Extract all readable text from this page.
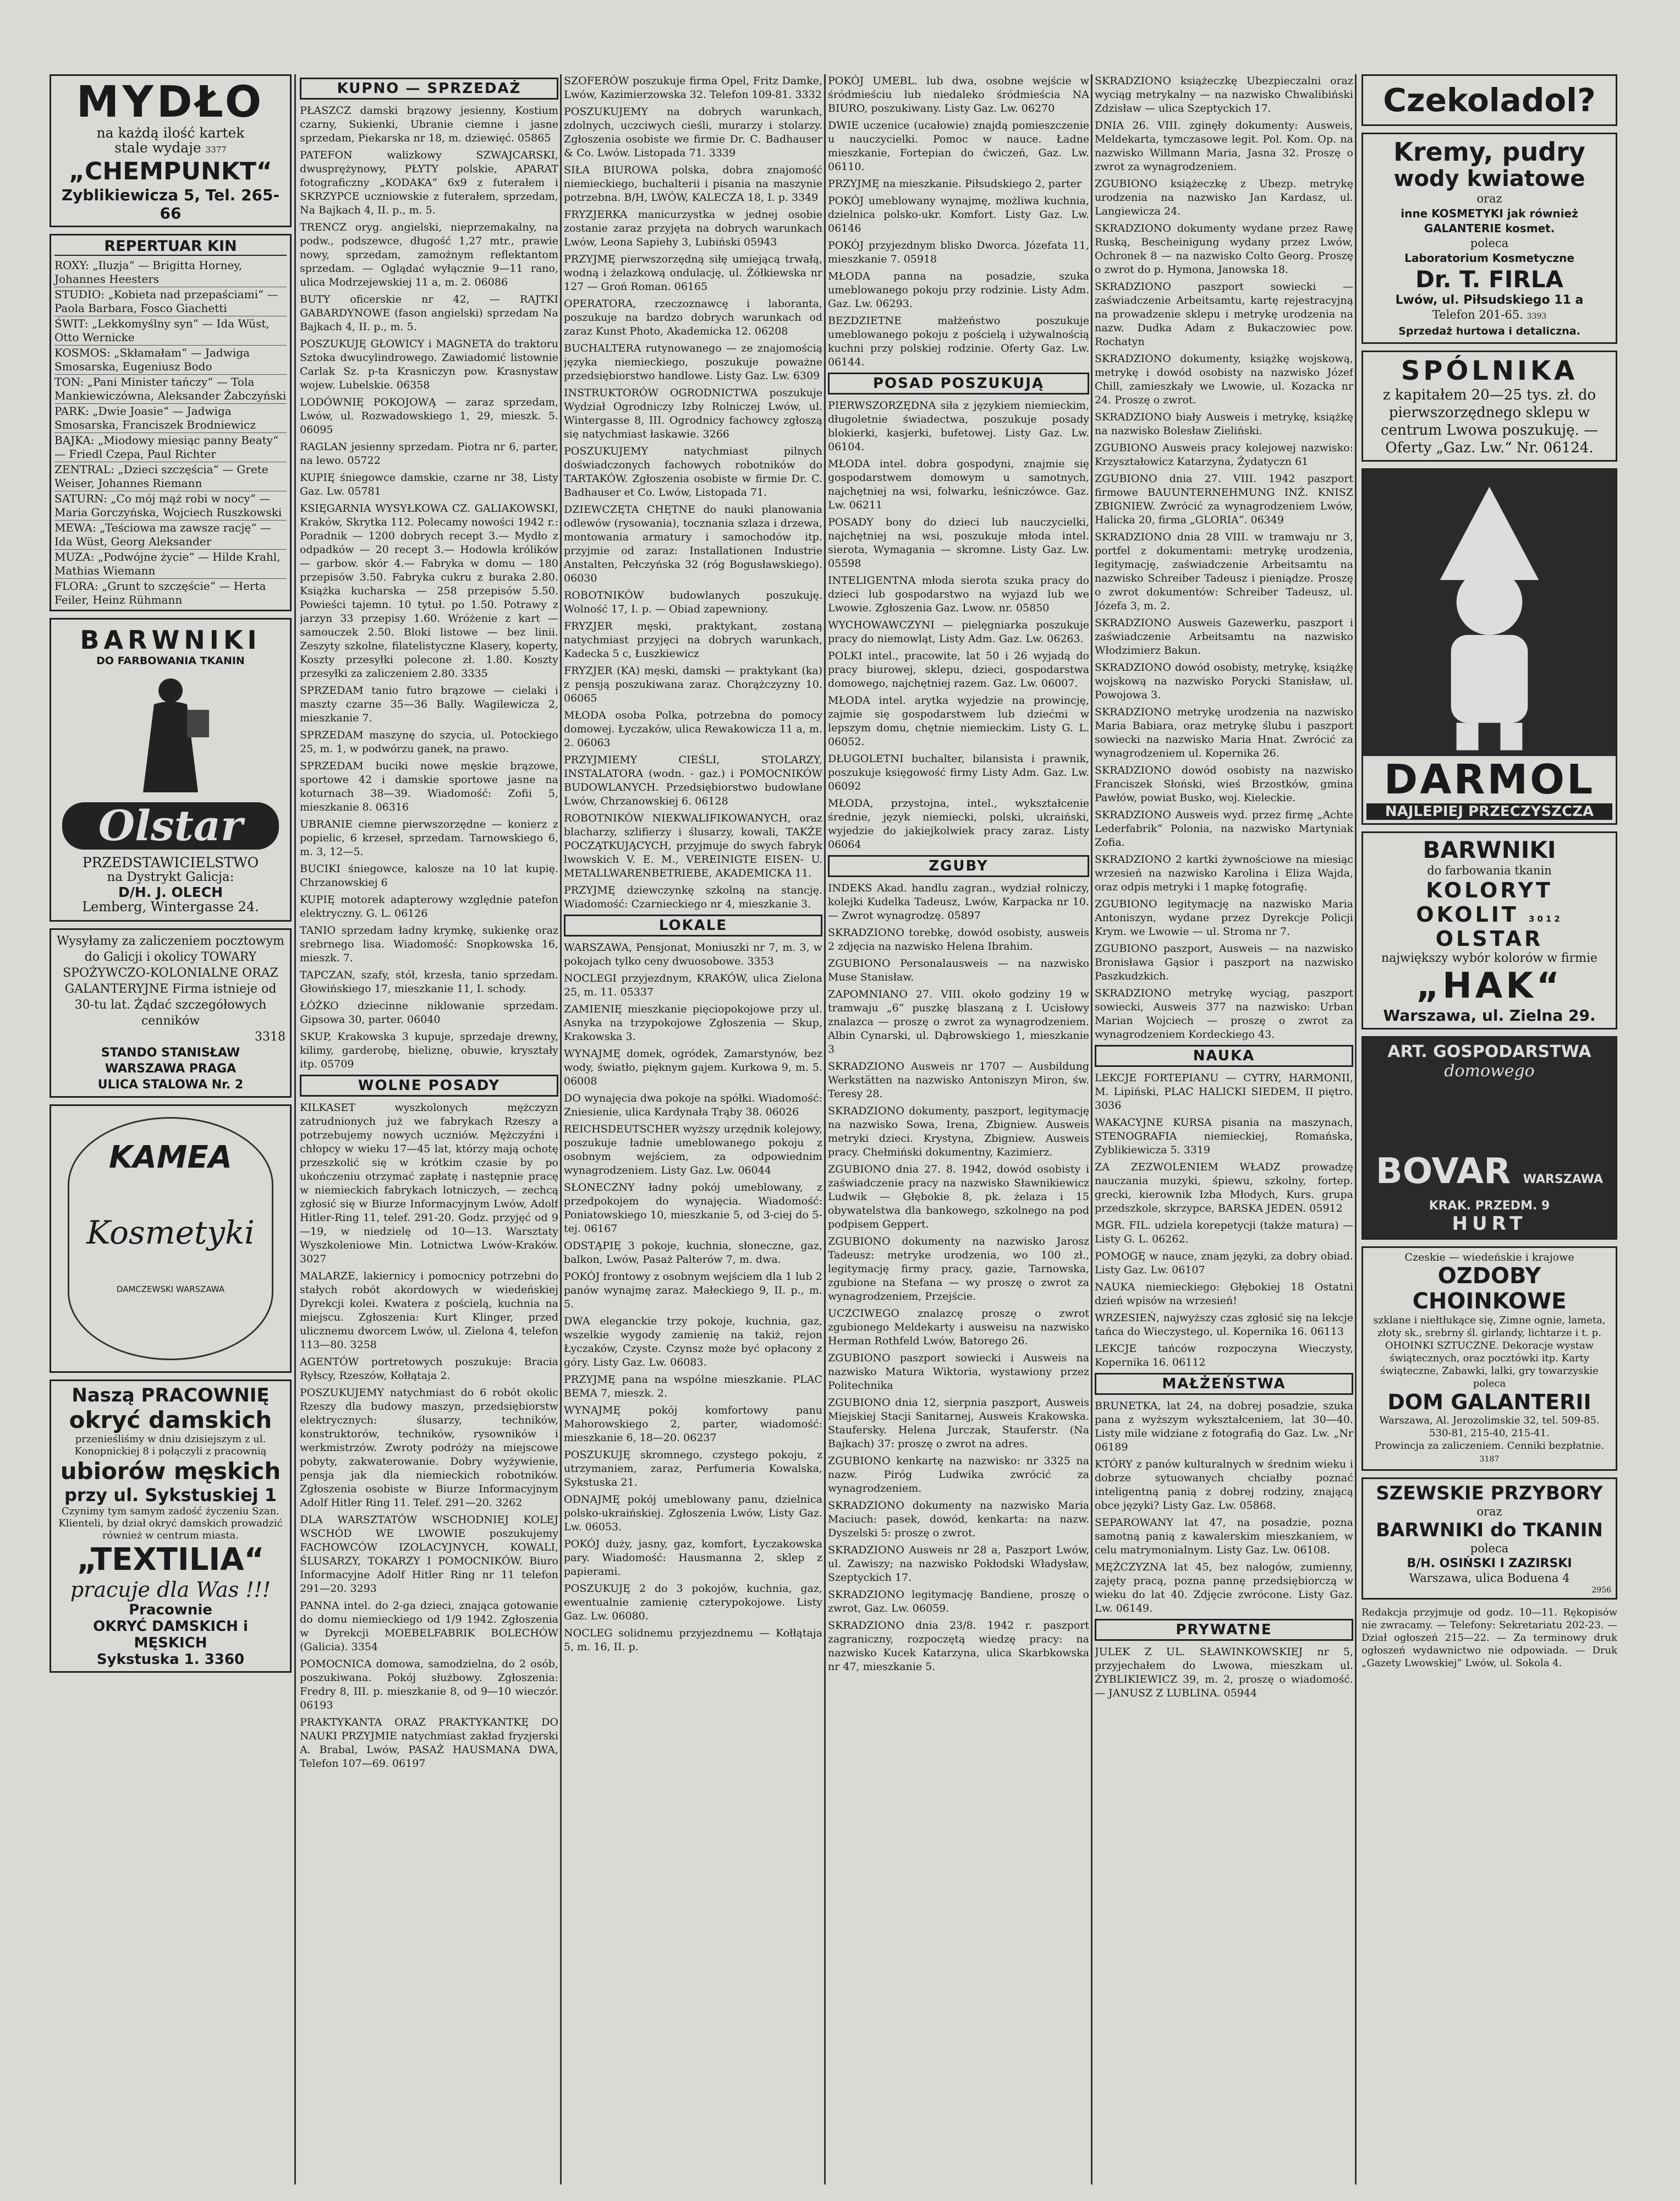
MYDŁO
na każdą ilość kartek
stale wydaje 3377
„CHEMPUNKT“
Zyblikiewicza 5, Tel. 265-66
REPERTUAR KIN
ROXY: „Iluzja“ — Brigitta Horney, Johannes Heesters
STUDIO: „Kobieta nad przepaściami“ — Paola Barbara, Fosco Giachetti
ŚWIT: „Lekkomyślny syn“ — Ida Wüst, Otto Wernicke
KOSMOS: „Skłamałam“ — Jadwiga Smosarska, Eugeniusz Bodo
TON: „Pani Minister tańczy“ — Tola Mankiewiczówna, Aleksander Żabczyński
PARK: „Dwie Joasie“ — Jadwiga Smosarska, Franciszek Brodniewicz
BAJKA: „Miodowy miesiąc panny Beaty“ — Friedl Czepa, Paul Richter
ZENTRAL: „Dzieci szczęścia“ — Grete Weiser, Johannes Riemann
SATURN: „Co mój mąż robi w nocy“ — Maria Gorczyńska, Wojciech Ruszkowski
MEWA: „Teściowa ma zawsze rację“ — Ida Wüst, Georg Aleksander
MUZA: „Podwójne życie“ — Hilde Krahl, Mathias Wiemann
FLORA: „Grunt to szczęście“ — Herta Feiler, Heinz Rühmann
BARWNIKI
DO FARBOWANIA TKANIN
Olstar
PRZEDSTAWICIELSTWO
na Dystrykt Galicja:
D/H. J. OLECH
Lemberg, Wintergasse 24.
Wysyłamy za zaliczeniem pocztowym do Galicji i okolicy TOWARY SPOŻYWCZO-KOLONIALNE ORAZ GALANTERYJNE Firma istnieje od 30-tu lat. Żądać szczegółowych cenników
3318
STANDO STANISŁAW
WARSZAWA PRAGA
ULICA STALOWA Nr. 2
KAMEA
Kosmetyki
DAMCZEWSKI WARSZAWA
Naszą PRACOWNIĘ
okryć damskich
przenieśliśmy w dniu dzisiejszym z ul. Konopnickiej 8 i połączyli z pracownią
ubiorów męskich
przy ul. Sykstuskiej 1
Czynimy tym samym zadość życzeniu Szan. Klienteli, by dział okryć damskich prowadzić również w centrum miasta.
„TEXTILIA“
pracuje dla Was !!!
Pracownie
OKRYĆ DAMSKICH i MĘSKICH
Sykstuska 1. 3360
KUPNO — SPRZEDAŻ

PŁASZCZ damski brązowy jesienny, Kostium czarny, Sukienki, Ubranie ciemne i jasne sprzedam, Piekarska nr 18, m. dziewięć. 05865

PATEFON walizkowy SZWAJCARSKI, dwusprężynowy, PŁYTY polskie, APARAT fotograficzny „KODAKA“ 6x9 z futerałem i SKRZYPCE uczniowskie z futerałem, sprzedam, Na Bajkach 4, II. p., m. 5.

TRENCZ oryg. angielski, nieprzemakalny, na podw., podszewce, długość 1,27 mtr., prawie nowy, sprzedam, zamożnym reflektantom sprzedam. — Oglądać wyłącznie 9—11 rano, ulica Modrzejewskiej 11 a, m. 2. 06086

BUTY oficerskie nr 42, — RAJTKI GABARDYNOWE (fason angielski) sprzedam Na Bajkach 4, II. p., m. 5.

POSZUKUJĘ GŁOWICY i MAGNETA do traktoru Sztoka dwucylindrowego. Zawiadomić listownie Carlak Sz. p-ta Krasniczyn pow. Krasnystaw wojew. Lubelskie. 06358

LODÓWNIĘ POKOJOWĄ — zaraz sprzedam, Lwów, ul. Rozwadowskiego 1, 29, mieszk. 5. 06095

RAGLAN jesienny sprzedam. Piotra nr 6, parter, na lewo. 05722

KUPIĘ śniegowce damskie, czarne nr 38, Listy Gaz. Lw. 05781

KSIĘGARNIA WYSYŁKOWA CZ. GALIAKOWSKI, Kraków, Skrytka 112. Polecamy nowości 1942 r.: Poradnik — 1200 dobrych recept 3.— Mydło z odpadków — 20 recept 3.— Hodowla królików — garbow. skór 4.— Fabryka w domu — 180 przepisów 3.50. Fabryka cukru z buraka 2.80. Książka kucharska — 258 przepisów 5.50. Powieści tajemn. 10 tytuł. po 1.50. Potrawy z jarzyn 33 przepisy 1.60. Wróżenie z kart — samouczek 2.50. Bloki listowe — bez linii. Zeszyty szkolne, filatelistyczne Klasery, koperty, Koszty przesyłki polecone zł. 1.80. Koszty przesyłki za zaliczeniem 2.80. 3335

SPRZEDAM tanio futro brązowe — cielaki i maszty czarne 35—36 Bally. Wagilewicza 2, mieszkanie 7.

SPRZEDAM maszynę do szycia, ul. Potockiego 25, m. 1, w podwórzu ganek, na prawo.

SPRZEDAM buciki nowe męskie brązowe, sportowe 42 i damskie sportowe jasne na koturnach 38—39. Wiadomość: Zofii 5, mieszkanie 8. 06316

UBRANIE ciemne pierwszorzędne — konierz z popielic, 6 krzeseł, sprzedam. Tarnowskiego 6, m. 3, 12—5.

BUCIKI śniegowce, kalosze na 10 lat kupię. Chrzanowskiej 6

KUPIĘ motorek adapterowy względnie patefon elektryczny. G. L. 06126

TANIO sprzedam ładny krymkę, sukienkę oraz srebrnego lisa. Wiadomość: Snopkowska 16, mieszk. 7.

TAPCZAN, szafy, stół, krzesła, tanio sprzedam. Głowińskiego 17, mieszkanie 11, I. schody.

ŁÓŻKO dziecinne niklowanie sprzedam. Gipsowa 30, parter. 06040

SKUP, Krakowska 3 kupuje, sprzedaje drewny, kilimy, garderobę, bieliznę, obuwie, kryształy itp. 05709

WOLNE POSADY

KILKASET wyszkolonych mężczyzn zatrudnionych już we fabrykach Rzeszy a potrzebujemy nowych uczniów. Mężczyźni i chłopcy w wieku 17—45 lat, którzy mają ochotę przeszkolić się w krótkim czasie by po ukończeniu otrzymać zapłatę i następnie pracę w niemieckich fabrykach lotniczych, — zechcą zgłosić się w Biurze Informacyjnym Lwów, Adolf Hitler-Ring 11, telef. 291-20. Godz. przyjęć od 9—19, w niedzielę od 10—13. Warsztaty Wyszkoleniowe Min. Lotnictwa Lwów-Kraków. 3027

MALARZE, lakiernicy i pomocnicy potrzebni do stałych robót akordowych w wiedeńskiej Dyrekcji kolei. Kwatera z pościelą, kuchnia na miejscu. Zgłoszenia: Kurt Klinger, przed ulicznemu dworcem Lwów, ul. Zielona 4, telefon 113—80. 3258

AGENTÓW portretowych poszukuje: Bracia Ryłscy, Rzeszów, Kołłątaja 2.

POSZUKUJEMY natychmiast do 6 robót okolic Rzeszy dla budowy maszyn, przedsiębiorstw elektrycznych: ślusarzy, techników, konstruktorów, techników, rysowników i werkmistrzów. Zwroty podróży na miejscowe pobyty, zakwaterowanie. Dobry wyżywienie, pensja jak dla niemieckich robotników. Zgłoszenia osobiste w Biurze Informacyjnym Adolf Hitler Ring 11. Telef. 291—20. 3262

DLA WARSZTATÓW WSCHODNIEJ KOLEJ WSCHÓD WE LWOWIE poszukujemy FACHOWCÓW IZOLACYJNYCH, KOWALI, ŚLUSARZY, TOKARZY I POMOCNIKÓW. Biuro Informacyjne Adolf Hitler Ring nr 11 telefon 291—20. 3293

PANNA intel. do 2-ga dzieci, znająca gotowanie do domu niemieckiego od 1/9 1942. Zgłoszenia w Dyrekcji MOEBELFABRIK BOLECHÓW (Galicia). 3354

POMOCNICA domowa, samodzielna, do 2 osób, poszukiwana. Pokój służbowy. Zgłoszenia: Fredry 8, III. p. mieszkanie 8, od 9—10 wieczór. 06193

PRAKTYKANTA ORAZ PRAKTYKANTKĘ DO NAUKI PRZYJMIE natychmiast zakład fryzjerski A. Brabal, Lwów, PASAŻ HAUSMANA DWA, Telefon 107—69. 06197

SZOFERÓW poszukuje firma Opel, Fritz Damke, Lwów, Kazimierzowska 32. Telefon 109-81. 3332

POSZUKUJEMY na dobrych warunkach, zdolnych, uczciwych cieśli, murarzy i stolarzy. Zgłoszenia osobiste we firmie Dr. C. Badhauser & Co. Lwów. Listopada 71. 3339

SIŁA BIUROWA polska, dobra znajomość niemieckiego, buchalterii i pisania na maszynie potrzebna. B/H, LWÓW, KALECZA 18, I. p. 3349

FRYZJERKA manicurzystka w jednej osobie zostanie zaraz przyjęta na dobrych warunkach Lwów, Leona Sapiehy 3, Lubiński 05943

PRZYJMĘ pierwszorzędną siłę umiejącą trwałą, wodną i żelazkową ondulację, ul. Żółkiewska nr 127 — Groń Roman. 06165

OPERATORA, rzeczoznawcę i laboranta, poszukuje na bardzo dobrych warunkach od zaraz Kunst Photo, Akademicka 12. 06208

BUCHALTERA rutynowanego — ze znajomością języka niemieckiego, poszukuje poważne przedsiębiorstwo handlowe. Listy Gaz. Lw. 6309

INSTRUKTORÓW OGRODNICTWA poszukuje Wydział Ogrodniczy Izby Rolniczej Lwów, ul. Wintergasse 8, III. Ogrodnicy fachowcy zgłoszą się natychmiast łaskawie. 3266

POSZUKUJEMY natychmiast pilnych doświadczonych fachowych robotników do TARTAKÓW. Zgłoszenia osobiste w firmie Dr. C. Badhauser et Co. Lwów, Listopada 71.

DZIEWCZĘTA CHĘTNE do nauki planowania odlewów (rysowania), tocznania szlaza i drzewa, montowania armatury i samochodów itp. przyjmie od zaraz: Installationen Industrie Anstalten, Pełczyńska 32 (róg Bogusławskiego). 06030

ROBOTNIKÓW budowlanych poszukuję. Wolność 17, I. p. — Obiad zapewniony.

FRYZJER męski, praktykant, zostaną natychmiast przyjęci na dobrych warunkach, Kadecka 5 c, Łuszkiewicz

FRYZJER (KA) męski, damski — praktykant (ka) z pensją poszukiwana zaraz. Chorążczyzny 10. 06065

MŁODA osoba Polka, potrzebna do pomocy domowej. Łyczaków, ulica Rewakowicza 11 a, m. 2. 06063

PRZYJMIEMY CIEŚLI, STOLARZY, INSTALATORA (wodn. - gaz.) i POMOCNIKÓW BUDOWLANYCH. Przedsiębiorstwo budowlane Lwów, Chrzanowskiej 6. 06128

ROBOTNIKÓW NIEKWALIFIKOWANYCH, oraz blacharzy, szlifierzy i ślusarzy, kowali, TAKŻE POCZĄTKUJĄCYCH, przyjmuje do swych fabryk lwowskich V. E. M., VEREINIGTE EISEN- U. METALLWARENBETRIEBE, AKADEMICKA 11.

PRZYJMĘ dziewczynkę szkolną na stancję. Wiadomość: Czarnieckiego nr 4, mieszkanie 3.

LOKALE

WARSZAWA, Pensjonat, Moniuszki nr 7, m. 3, w pokojach tylko ceny dwuosobowe. 3353

NOCLEGI przyjezdnym, KRAKÓW, ulica Zielona 25, m. 11. 05337

ZAMIENIĘ mieszkanie pięciopokojowe przy ul. Asnyka na trzypokojowe Zgłoszenia — Skup, Krakowska 3.

WYNAJMĘ domek, ogródek, Zamarstynów, bez wody, światło, pięknym gajem. Kurkowa 9, m. 5. 06008

DO wynajęcia dwa pokoje na spółki. Wiadomość: Zniesienie, ulica Kardynała Trąby 38. 06026

REICHSDEUTSCHER wyższy urzędnik kolejowy, poszukuje ładnie umeblowanego pokoju z osobnym wejściem, za odpowiednim wynagrodzeniem. Listy Gaz. Lw. 06044

SŁONECZNY ładny pokój umeblowany, z przedpokojem do wynajęcia. Wiadomość: Poniatowskiego 10, mieszkanie 5, od 3-ciej do 5-tej. 06167

ODSTĄPIĘ 3 pokoje, kuchnia, słoneczne, gaz, balkon, Lwów, Pasaż Palterów 7, m. dwa.

POKÓJ frontowy z osobnym wejściem dla 1 lub 2 panów wynajmę zaraz. Małeckiego 9, II. p., m. 5.

DWA eleganckie trzy pokoje, kuchnia, gaz, wszelkie wygody zamienię na takiż, rejon Łyczaków, Czyste. Czynsz może być opłacony z góry. Listy Gaz. Lw. 06083.

PRZYJMĘ pana na wspólne mieszkanie. PLAC BEMA 7, mieszk. 2.

WYNAJMĘ pokój komfortowy panu Mahorowskiego 2, parter, wiadomość: mieszkanie 6, 18—20. 06237

POSZUKUJĘ skromnego, czystego pokoju, z utrzymaniem, zaraz, Perfumeria Kowalska, Sykstuska 21.

ODNAJMĘ pokój umeblowany panu, dzielnica polsko-ukraińskiej. Zgłoszenia Lwów, Listy Gaz. Lw. 06053.

POKÓJ duży, jasny, gaz, komfort, Łyczakowska pary. Wiadomość: Hausmanna 2, sklep z papierami.

POSZUKUJĘ 2 do 3 pokojów, kuchnia, gaz, ewentualnie zamienię czterypokojowe. Listy Gaz. Lw. 06080.

NOCLEG solidnemu przyjezdnemu — Kołłątaja 5, m. 16, II. p.

POKÓJ UMEBL. lub dwa, osobne wejście w śródmieściu lub niedaleko śródmieścia NA BIURO, poszukiwany. Listy Gaz. Lw. 06270

DWIE uczenice (ucałowie) znajdą pomieszczenie u nauczycielki. Pomoc w nauce. Ładne mieszkanie, Fortepian do ćwiczeń, Gaz. Lw. 06110.

PRZYJMĘ na mieszkanie. Piłsudskiego 2, parter

POKÓJ umeblowany wynajmę, możliwa kuchnia, dzielnica polsko-ukr. Komfort. Listy Gaz. Lw. 06146

POKÓJ przyjezdnym blisko Dworca. Józefata 11, mieszkanie 7. 05918

MŁODA panna na posadzie, szuka umeblowanego pokoju przy rodzinie. Listy Adm. Gaz. Lw. 06293.

BEZDZIETNE małżeństwo poszukuje umeblowanego pokoju z pościelą i używalnością kuchni przy polskiej rodzinie. Oferty Gaz. Lw. 06144.

POSAD POSZUKUJĄ

PIERWSZORZĘDNA siła z językiem niemieckim, długoletnie świadectwa, poszukuje posady blokierki, kasjerki, bufetowej. Listy Gaz. Lw. 06104.

MŁODA intel. dobra gospodyni, znajmie się gospodarstwem domowym u samotnych, najchętniej na wsi, folwarku, leśniczówce. Gaz. Lw. 06211

POSADY bony do dzieci lub nauczycielki, najchętniej na wsi, poszukuje młoda intel. sierota, Wymagania — skromne. Listy Gaz. Lw. 05598

INTELIGENTNA młoda sierota szuka pracy do dzieci lub gospodarstwo na wyjazd lub we Lwowie. Zgłoszenia Gaz. Lwow. nr. 05850

WYCHOWAWCZYNI — pielęgniarka poszukuje pracy do niemowląt, Listy Adm. Gaz. Lw. 06263.

POLKI intel., pracowite, lat 50 i 26 wyjadą do pracy biurowej, sklepu, dzieci, gospodarstwa domowego, najchętniej razem. Gaz. Lw. 06007.

MŁODA intel. arytka wyjedzie na prowincję, zajmie się gospodarstwem lub dziećmi w lepszym domu, chętnie niemieckim. Listy G. L. 06052.

DŁUGOLETNI buchalter, bilansista i prawnik, poszukuje księgowość firmy Listy Adm. Gaz. Lw. 06092

MŁODA, przystojna, intel., wykształcenie średnie, język niemiecki, polski, ukraiński, wyjedzie do jakiejkolwiek pracy zaraz. Listy 06064

ZGUBY

INDEKS Akad. handlu zagran., wydział rolniczy, kolejki Kudelka Tadeusz, Lwów, Karpacka nr 10. — Zwrot wynagrodzę. 05897

SKRADZIONO torebkę, dowód osobisty, ausweis 2 zdjęcia na nazwisko Helena Ibrahim.

ZGUBIONO Personalausweis — na nazwisko Muse Stanisław.

ZAPOMNIANO 27. VIII. około godziny 19 w tramwaju „6“ puszkę blaszaną z I. Ucisłowy znalazca — proszę o zwrot za wynagrodzeniem. Albin Cynarski, ul. Dąbrowskiego 1, mieszkanie 3

SKRADZIONO Ausweis nr 1707 — Ausbildung Werkstätten na nazwisko Antoniszyn Miron, św. Teresy 28.

SKRADZIONO dokumenty, paszport, legitymację na nazwisko Sowa, Irena, Zbigniew. Ausweis metryki dzieci. Krystyna, Zbigniew. Ausweis pracy. Chełmiński dokumentny, Kazimierz.

ZGUBIONO dnia 27. 8. 1942, dowód osobisty i zaświadczenie pracy na nazwisko Sławnikiewicz Ludwik — Głębokie 8, pk. żelaza i 15 obywatelstwa dla bankowego, szkolnego na pod podpisem Geppert.

ZGUBIONO dokumenty na nazwisko Jarosz Tadeusz: metryke urodzenia, wo 100 zł., legitymację firmy pracy, gazie, Tarnowska, zgubione na Stefana — wy proszę o zwrot za wynagrodzeniem, Przejście.

UCZCIWEGO znalazcę proszę o zwrot zgubionego Meldekarty i ausweisu na nazwisko Herman Rothfeld Lwów, Batorego 26.

ZGUBIONO paszport sowiecki i Ausweis na nazwisko Matura Wiktoria, wystawiony przez Politechnika

ZGUBIONO dnia 12, sierpnia paszport, Ausweis Miejskiej Stacji Sanitarnej, Ausweis Krakowska. Staufersky. Helena Jurczak, Stauferstr. (Na Bajkach) 37: proszę o zwrot na adres.

ZGUBIONO kenkartę na nazwisko: nr 3325 na nazw. Piróg Ludwika zwrócić za wynagrodzeniem.

SKRADZIONO dokumenty na nazwisko Maria Maciuch: pasek, dowód, kenkarta: na nazw. Dyszelski 5: proszę o zwrot.

SKRADZIONO Ausweis nr 28 a, Paszport Lwów, ul. Zawiszy; na nazwisko Pokłodski Władysław, Szeptyckich 17.

SKRADZIONO legitymację Bandiene, proszę o zwrot, Gaz. Lw. 06059.

SKRADZIONO dnia 23/8. 1942 r. paszport zagraniczny, rozpoczętą wiedzę pracy: na nazwisko Kucek Katarzyna, ulica Skarbkowska nr 47, mieszkanie 5.

SKRADZIONO książeczkę Ubezpieczalni oraz wyciąg metrykalny — na nazwisko Chwalibiński Zdzisław — ulica Szeptyckich 17.

DNIA 26. VIII. zginęły dokumenty: Ausweis, Meldekarta, tymczasowe legit. Pol. Kom. Op. na nazwisko Willmann Maria, Jasna 32. Proszę o zwrot za wynagrodzeniem.

ZGUBIONO książeczkę z Ubezp. metrykę urodzenia na nazwisko Jan Kardasz, ul. Langiewicza 24.

SKRADZIONO dokumenty wydane przez Rawę Ruską, Bescheinigung wydany przez Lwów, Ochronek 8 — na nazwisko Colto Georg. Proszę o zwrot do p. Hymona, Janowska 18.

SKRADZIONO paszport sowiecki — zaświadczenie Arbeitsamtu, kartę rejestracyjną na prowadzenie sklepu i metrykę urodzenia na nazw. Dudka Adam z Bukaczowiec pow. Rochatyn

SKRADZIONO dokumenty, książkę wojskową, metrykę i dowód osobisty na nazwisko Józef Chill, zamieszkały we Lwowie, ul. Kozacka nr 24. Proszę o zwrot.

SKRADZIONO biały Ausweis i metrykę, książkę na nazwisko Bolesław Zieliński.

ZGUBIONO Ausweis pracy kolejowej nazwisko: Krzyształowicz Katarzyna, Żydatyczn 61

ZGUBIONO dnia 27. VIII. 1942 paszport firmowe BAUUNTERNEHMUNG INŻ. KNISZ ZBIGNIEW. Zwrócić za wynagrodzeniem Lwów, Halicka 20, firma „GLORIA“. 06349

SKRADZIONO dnia 28 VIII. w tramwaju nr 3, portfel z dokumentami: metrykę urodzenia, legitymację, zaświadczenie Arbeitsamtu na nazwisko Schreiber Tadeusz i pieniądze. Proszę o zwrot dokumentów: Schreiber Tadeusz, ul. Józefa 3, m. 2.

SKRADZIONO Ausweis Gazewerku, paszport i zaświadczenie Arbeitsamtu na nazwisko Włodzimierz Bakun.

SKRADZIONO dowód osobisty, metrykę, książkę wojskową na nazwisko Porycki Stanisław, ul. Powojowa 3.

SKRADZIONO metrykę urodzenia na nazwisko Maria Babiara, oraz metrykę ślubu i paszport sowiecki na nazwisko Maria Hnat. Zwrócić za wynagrodzeniem ul. Kopernika 26.

SKRADZIONO dowód osobisty na nazwisko Franciszek Słoński, wieś Brzostków, gmina Pawłów, powiat Busko, woj. Kieleckie.

SKRADZIONO Ausweis wyd. przez firmę „Achte Lederfabrik“ Polonia, na nazwisko Martyniak Zofia.

SKRADZIONO 2 kartki żywnościowe na miesiąc wrzesień na nazwisko Karolina i Eliza Wajda, oraz odpis metryki i 1 mapkę fotografię.

ZGUBIONO legitymację na nazwisko Maria Antoniszyn, wydane przez Dyrekcje Policji Krym. we Lwowie — ul. Stroma nr 7.

ZGUBIONO paszport, Ausweis — na nazwisko Bronisława Gąsior i paszport na nazwisko Paszkudzkich.

SKRADZIONO metrykę wyciąg, paszport sowiecki, Ausweis 377 na nazwisko: Urban Marian Wojciech — proszę o zwrot za wynagrodzeniem Kordeckiego 43.

NAUKA

LEKCJE FORTEPIANU — CYTRY, HARMONII, M. Lipiński, PLAC HALICKI SIEDEM, II piętro. 3036

WAKACYJNE KURSA pisania na maszynach, STENOGRAFIA niemieckiej, Romańska, Zyblikiewicza 5. 3319

ZA ZEZWOLENIEM WŁADZ prowadzę nauczania muzyki, śpiewu, szkolny, fortep. grecki, kierownik Izba Młodych, Kurs. grupa przedszkole, skrzypce, BARSKA JEDEN. 05912

MGR. FIL. udziela korepetycji (także matura) — Listy G. L. 06262.

POMOGĘ w nauce, znam języki, za dobry obiad. Listy Gaz. Lw. 06107

NAUKA niemieckiego: Głębokiej 18 Ostatni dzień wpisów na wrzesień!

WRZESIEŃ, najwyższy czas zgłosić się na lekcje tańca do Wieczystego, ul. Kopernika 16. 06113

LEKCJE tańców rozpoczyna Wieczysty, Kopernika 16. 06112

MAŁŻEŃSTWA

BRUNETKA, lat 24, na dobrej posadzie, szuka pana z wyższym wykształceniem, lat 30—40. Listy mile widziane z fotografią do Gaz. Lw. „Nr 06189

KTÓRY z panów kulturalnych w średnim wieku i dobrze sytuowanych chciałby poznać inteligentną panią z dobrej rodziny, znającą obce języki? Listy Gaz. Lw. 05868.

SEPAROWANY lat 47, na posadzie, pozna samotną panią z kawalerskim mieszkaniem, w celu matrymonialnym. Listy Gaz. Lw. 06108.

MĘŻCZYZNA lat 45, bez nałogów, zumienny, zajęty pracą, pozna pannę przedsiębiorczą w wieku do lat 40. Zdjęcie zwrócone. Listy Gaz. Lw. 06149.

PRYWATNE

JULEK Z UL. SŁAWINKOWSKIEJ nr 5, przyjechałem do Lwowa, mieszkam ul. ŻYBLIKIEWICZ 39, m. 2, proszę o wiadomość. — JANUSZ Z LUBLINA. 05944

Czekoladol?
Kremy, pudry
wody kwiatowe
oraz
inne KOSMETYKI jak również GALANTERIE kosmet.
poleca
Laboratorium Kosmetyczne
Dr. T. FIRLA
Lwów, ul. Piłsudskiego 11 a
Telefon 201-65. 3393
Sprzedaż hurtowa i detaliczna.
SPÓLNIKA
z kapitałem 20—25 tys. zł. do pierwszorzędnego sklepu w centrum Lwowa poszukuję. — Oferty „Gaz. Lw.“ Nr. 06124.
DARMOL
NAJLEPIEJ PRZECZYSZCZA
BARWNIKI
do farbowania tkanin
KOLORYT
OKOLIT 3012
OLSTAR
największy wybór kolorów w firmie
„HAK“
Warszawa, ul. Zielna 29.
ART. GOSPODARSTWA
domowego
BOVAR WARSZAWA
KRAK. PRZEDM. 9
HURT
Czeskie — wiedeńskie i krajowe
OZDOBY CHOINKOWE
szklane i niełtłukące się, Zimne ognie, lameta, złoty sk., srebrny śl. girlandy, lichtarze i t. p. OHOINKI SZTUCZNE. Dekoracje wystaw świątecznych, oraz pocztówki itp. Karty świąteczne, Zabawki, lalki, gry towarzyskie poleca
DOM GALANTERII
Warszawa, Al. Jerozolimskie 32, tel. 509-85. 530-81, 215-40, 215-41.
Prowincja za zaliczeniem. Cenniki bezpłatnie. 3187
SZEWSKIE PRZYBORY
oraz
BARWNIKI do TKANIN
poleca
B/H. OSIŃSKI I ZAZIRSKI
Warszawa, ulica Boduena 4
2956

Redakcja przyjmuje od godz. 10—11. Rękopisów nie zwracamy. — Telefony: Sekretariatu 202-23. — Dział ogłoszeń 215—22. — Za terminowy druk ogłoszeń wydawnictwo nie odpowiada. — Druk „Gazety Lwowskiej“ Lwów, ul. Sokola 4.
